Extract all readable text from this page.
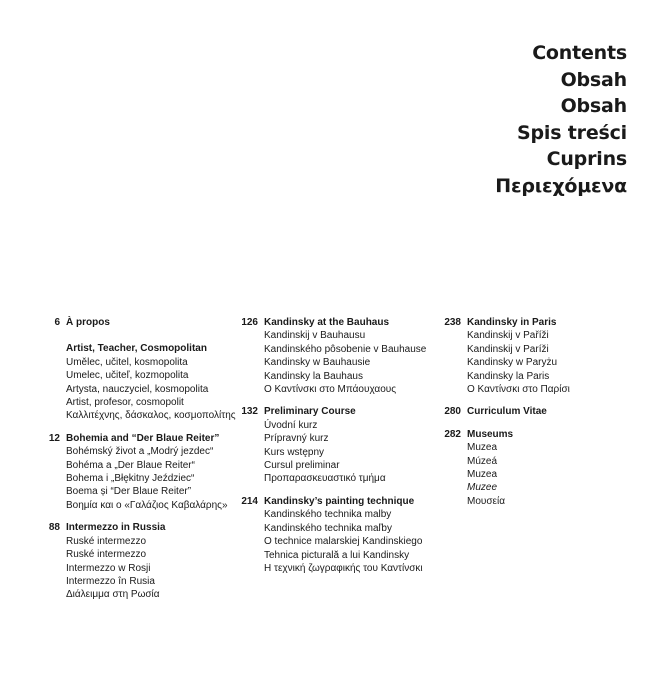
Contents
Obsah
Obsah
Spis treści
Cuprins
Περιεχόμενα
6 À propos
Artist, Teacher, Cosmopolitan
Umělec, učitel, kosmopolita
Umelec, učiteľ, kozmopolita
Artysta, nauczyciel, kosmopolita
Artist, profesor, cosmopolit
Καλλιτέχνης, δάσκαλος, κοσμοπολίτης
12 Bohemia and “Der Blaue Reiter”
Bohémský život a „Modrý jezdec“
Bohéma a „Der Blaue Reiter“
Bohema i „Błękitny Jeździec“
Boema și “Der Blaue Reiter”
Βοημία και ο «Γαλάζιος Καβαλάρης»
88 Intermezzo in Russia
Ruské intermezzo
Ruské intermezzo
Intermezzo w Rosji
Intermezzo în Rusia
Διάλειμμα στη Ρωσία
126 Kandinsky at the Bauhaus
Kandinskij v Bauhausu
Kandinského pôsobenie v Bauhause
Kandinsky w Bauhausie
Kandinsky la Bauhaus
Ο Καντίνσκι στο Μπάουχαους
132 Preliminary Course
Úvodní kurz
Prípravný kurz
Kurs wstępny
Cursul preliminar
Προπαρασκευαστικό τμήμα
214 Kandinsky’s painting technique
Kandinského technika malby
Kandinského technika maľby
O technice malarskiej Kandinskiego
Tehnica picturală a lui Kandinsky
Η τεχνική ζωγραφικής του Καντίνσκι
238 Kandinsky in Paris
Kandinskij v Paříži
Kandinskij v Paríži
Kandinsky w Paryżu
Kandinsky la Paris
Ο Καντίνσκι στο Παρίσι
280 Curriculum Vitae
282 Museums
Muzea
Múzeá
Muzea
Muzee
Μουσεία
